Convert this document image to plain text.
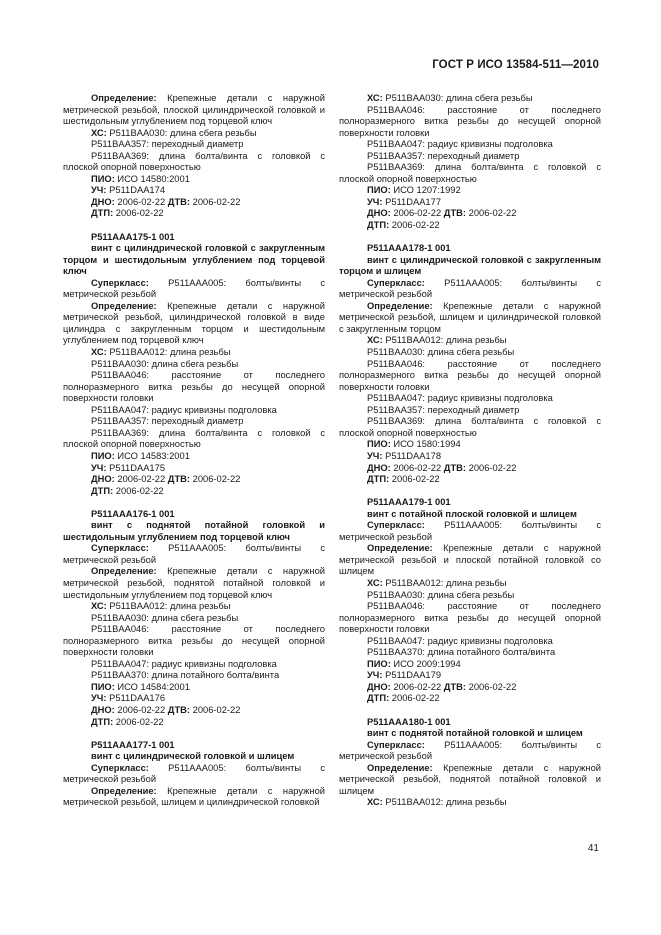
ГОСТ Р ИСО 13584-511—2010

Определение: Крепежные детали с наружной метрической резьбой, плоской цилиндрической головкой и шестидольным углублением под торцевой ключ

ХС: P511BAA030: длина сбега резьбы

P511BAA357: переходный диаметр

P511BAA369: длина болта/винта с головкой с плоской опорной поверхностью

ПИО: ИСО 14580:2001

УЧ: P511DAA174

ДНО: 2006-02-22 ДТВ: 2006-02-22

ДТП: 2006-02-22

P511AAA175-1 001

винт с цилиндрической головкой с закругленным торцом и шестидольным углублением под торцевой ключ

Суперкласс: P511AAA005: болты/винты с метрической резьбой

Определение: Крепежные детали с наружной метрической резьбой, цилиндрической головкой в виде цилиндра с закругленным торцом и шестидольным углублением под торцевой ключ

ХС: P511BAA012: длина резьбы

P511BAA030: длина сбега резьбы

P511BAA046: расстояние от последнего полноразмерного витка резьбы до несущей опорной поверхности головки

P511BAA047: радиус кривизны подголовка

P511BAA357: переходный диаметр

P511BAA369: длина болта/винта с головкой с плоской опорной поверхностью

ПИО: ИСО 14583:2001

УЧ: P511DAA175

ДНО: 2006-02-22 ДТВ: 2006-02-22

ДТП: 2006-02-22

P511AAA176-1 001

винт с поднятой потайной головкой и шестидольным углублением под торцевой ключ

Суперкласс: P511AAA005: болты/винты с метрической резьбой

Определение: Крепежные детали с наружной метрической резьбой, поднятой потайной головкой и шестидольным углублением под торцевой ключ

ХС: P511BAA012: длина резьбы

P511BAA030: длина сбега резьбы

P511BAA046: расстояние от последнего полноразмерного витка резьбы до несущей опорной поверхности головки

P511BAA047: радиус кривизны подголовка

P511BAA370: длина потайного болта/винта

ПИО: ИСО 14584:2001

УЧ: P511DAA176

ДНО: 2006-02-22 ДТВ: 2006-02-22

ДТП: 2006-02-22

P511AAA177-1 001

винт с цилиндрической головкой и шлицем

Суперкласс: P511AAA005: болты/винты с метрической резьбой

Определение: Крепежные детали с наружной метрической резьбой, шлицем и цилиндрической головкой

ХС: P511BAA030: длина сбега резьбы

P511BAA046: расстояние от последнего полноразмерного витка резьбы до несущей опорной поверхности головки

P511BAA047: радиус кривизны подголовка

P511BAA357: переходный диаметр

P511BAA369: длина болта/винта с головкой с плоской опорной поверхностью

ПИО: ИСО 1207:1992

УЧ: P511DAA177

ДНО: 2006-02-22 ДТВ: 2006-02-22

ДТП: 2006-02-22

P511AAA178-1 001

винт с цилиндрической головкой с закругленным торцом и шлицем

Суперкласс: P511AAA005: болты/винты с метрической резьбой

Определение: Крепежные детали с наружной метрической резьбой, шлицем и цилиндрической головкой с закругленным торцом

ХС: P511BAA012: длина резьбы

P511BAA030: длина сбега резьбы

P511BAA046: расстояние от последнего полноразмерного витка резьбы до несущей опорной поверхности головки

P511BAA047: радиус кривизны подголовка

P511BAA357: переходный диаметр

P511BAA369: длина болта/винта с головкой с плоской опорной поверхностью

ПИО: ИСО 1580:1994

УЧ: P511DAA178

ДНО: 2006-02-22 ДТВ: 2006-02-22

ДТП: 2006-02-22

P511AAA179-1 001

винт с потайной плоской головкой и шлицем

Суперкласс: P511AAA005: болты/винты с метрической резьбой

Определение: Крепежные детали с наружной метрической резьбой и плоской потайной головкой со шлицем

ХС: P511BAA012: длина резьбы

P511BAA030: длина сбега резьбы

P511BAA046: расстояние от последнего полноразмерного витка резьбы до несущей опорной поверхности головки

P511BAA047: радиус кривизны подголовка

P511BAA370: длина потайного болта/винта

ПИО: ИСО 2009:1994

УЧ: P511DAA179

ДНО: 2006-02-22 ДТВ: 2006-02-22

ДТП: 2006-02-22

P511AAA180-1 001

винт с поднятой потайной головкой и шлицем

Суперкласс: P511AAA005: болты/винты с метрической резьбой

Определение: Крепежные детали с наружной метрической резьбой, поднятой потайной головкой и шлицем

ХС: P511BAA012: длина резьбы

41
